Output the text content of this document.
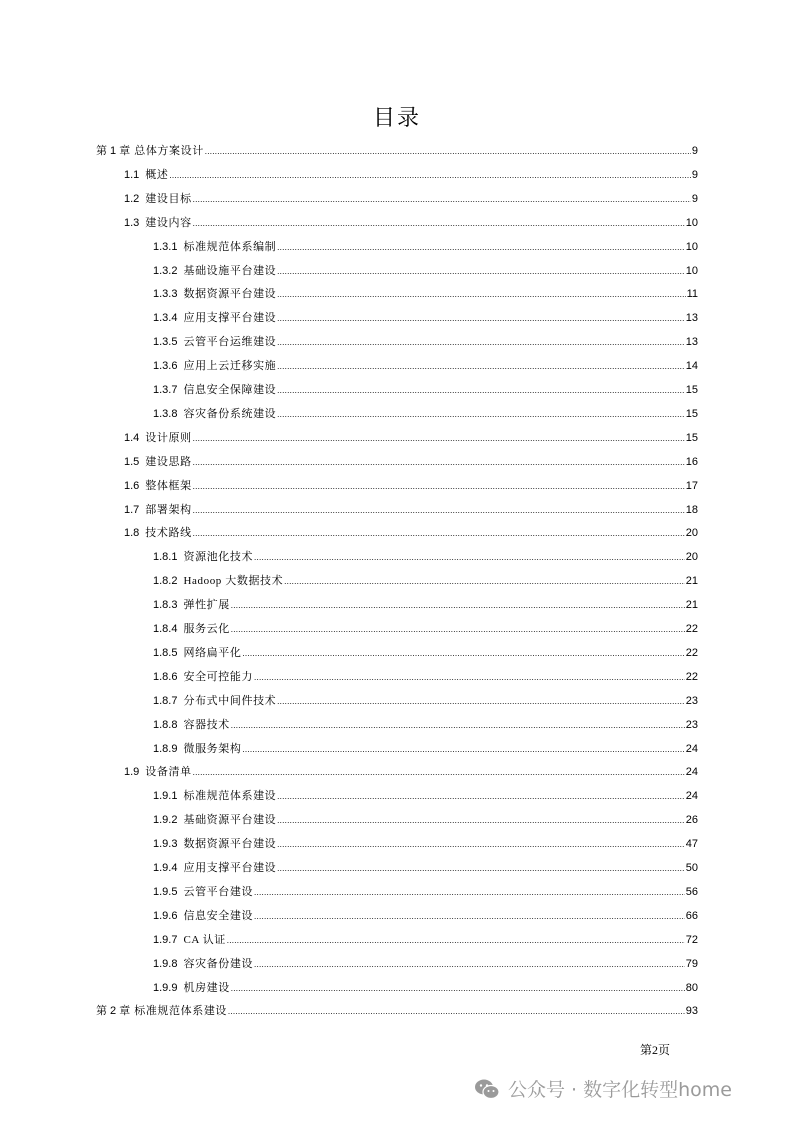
目录
第 1 章 总体方案设计 .....	9
1.1 概述 .....	9
1.2 建设目标 .....	9
1.3 建设内容 .....	10
1.3.1 标准规范体系编制 .....	10
1.3.2 基础设施平台建设 .....	10
1.3.3 数据资源平台建设 .....	11
1.3.4 应用支撑平台建设 .....	13
1.3.5 云管平台运维建设 .....	13
1.3.6 应用上云迁移实施 .....	14
1.3.7 信息安全保障建设 .....	15
1.3.8 容灾备份系统建设 .....	15
1.4 设计原则 .....	15
1.5 建设思路 .....	16
1.6 整体框架 .....	17
1.7 部署架构 .....	18
1.8 技术路线 .....	20
1.8.1 资源池化技术 .....	20
1.8.2 Hadoop 大数据技术 .....	21
1.8.3 弹性扩展 .....	21
1.8.4 服务云化 .....	22
1.8.5 网络扁平化 .....	22
1.8.6 安全可控能力 .....	22
1.8.7 分布式中间件技术 .....	23
1.8.8 容器技术 .....	23
1.8.9 微服务架构 .....	24
1.9 设备清单 .....	24
1.9.1 标准规范体系建设 .....	24
1.9.2 基础资源平台建设 .....	26
1.9.3 数据资源平台建设 .....	47
1.9.4 应用支撑平台建设 .....	50
1.9.5 云管平台建设 .....	56
1.9.6 信息安全建设 .....	66
1.9.7 CA 认证 .....	72
1.9.8 容灾备份建设 .....	79
1.9.9 机房建设 .....	80
第 2 章 标准规范体系建设 .....	93
第2页
公众号 · 数字化转型home
